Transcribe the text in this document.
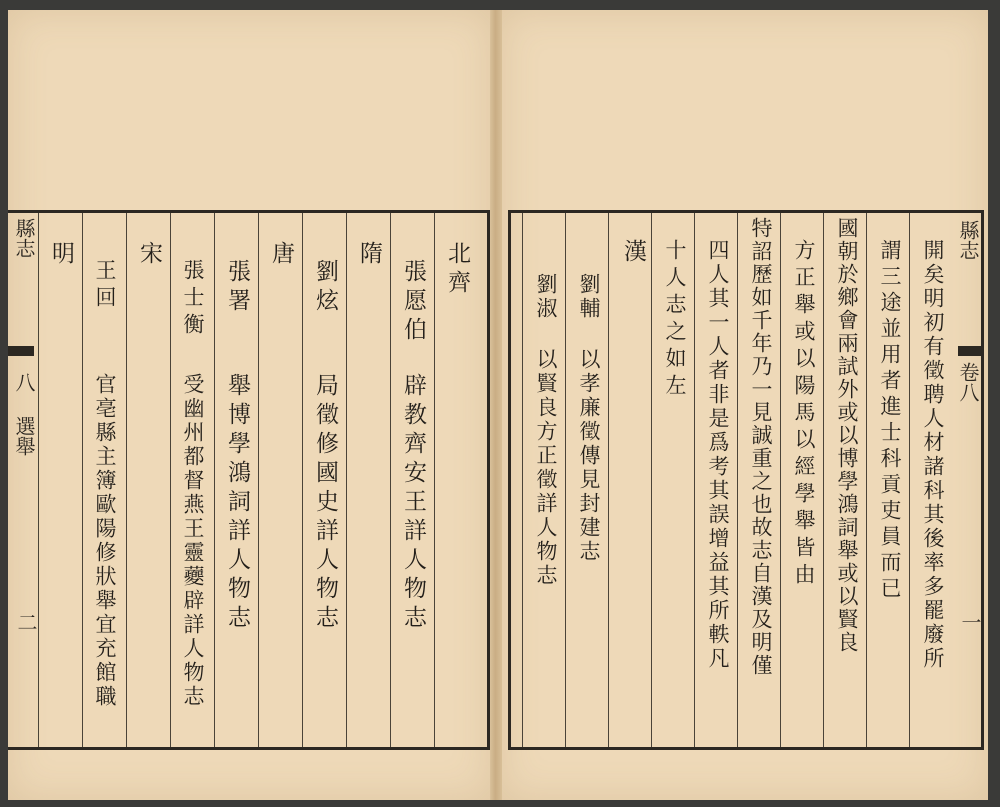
北齊
張愿伯
辟教齊安王詳人物志
隋
劉炫
局徵修國史詳人物志
唐
張署
舉博學鴻詞詳人物志
張士衡
受幽州都督燕王靈蘷辟詳人物志
宋
王回
官亳縣主簿歐陽修狀舉宜充館職
明
縣志
八 選舉
二	開矣明初有徵聘人材諸科其後率多罷廢所
謂三途並用者進士科貢吏員而已
國朝於鄉會兩試外或以博學鴻詞舉或以賢良
方正舉或以陽馬以經學舉皆由
特詔歷如千年乃一見誠重之也故志自漢及明僅
四人其一人者非是爲考其誤增益其所軼凡
十人志之如左
漢
劉輔 以孝廉徵傳見封建志
劉淑 以賢良方正徵詳人物志
縣志
卷八
一
